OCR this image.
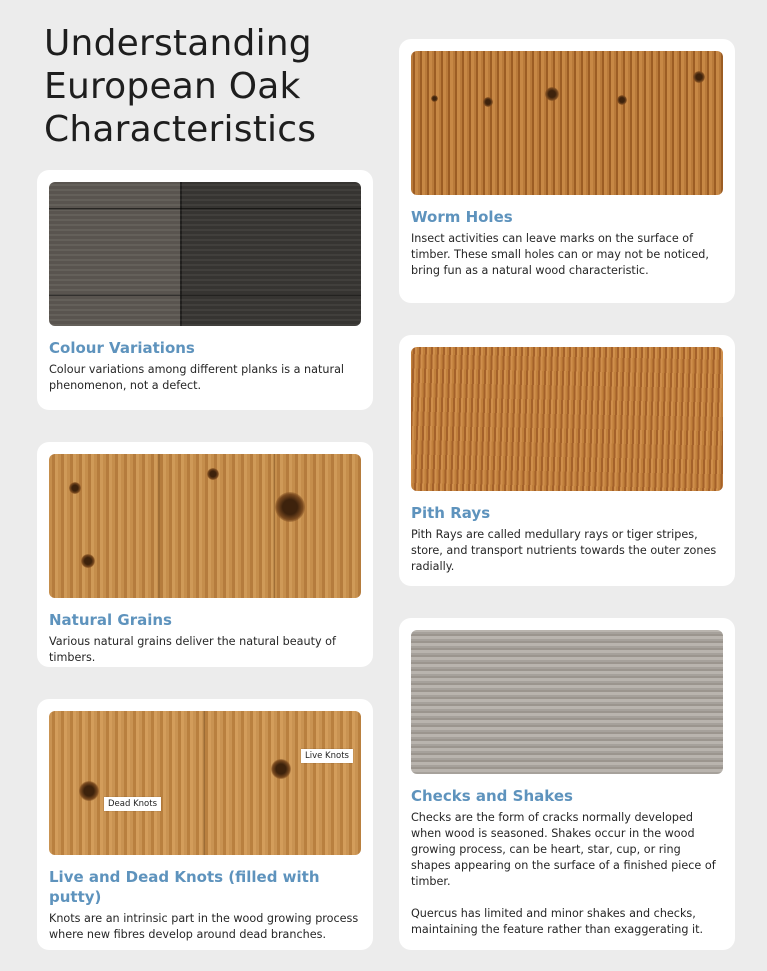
Understanding
European Oak
Characteristics
Colour Variations

Colour variations among different planks is a natural phenomenon, not a defect.

Natural Grains

Various natural grains deliver the natural beauty of timbers.

Live Knots
Dead Knots
Live and Dead Knots (filled with putty)

Knots are an intrinsic part in the wood growing process where new fibres develop around dead branches.

Worm Holes

Insect activities can leave marks on the surface of timber. These small holes can or may not be noticed, bring fun as a natural wood characteristic.

Pith Rays

Pith Rays are called medullary rays or tiger stripes, store, and transport nutrients towards the outer zones radially.

Checks and Shakes

Checks are the form of cracks normally developed when wood is seasoned. Shakes occur in the wood growing process, can be heart, star, cup, or ring shapes appearing on the surface of a finished piece of timber.

Quercus has limited and minor shakes and checks, maintaining the feature rather than exaggerating it.
